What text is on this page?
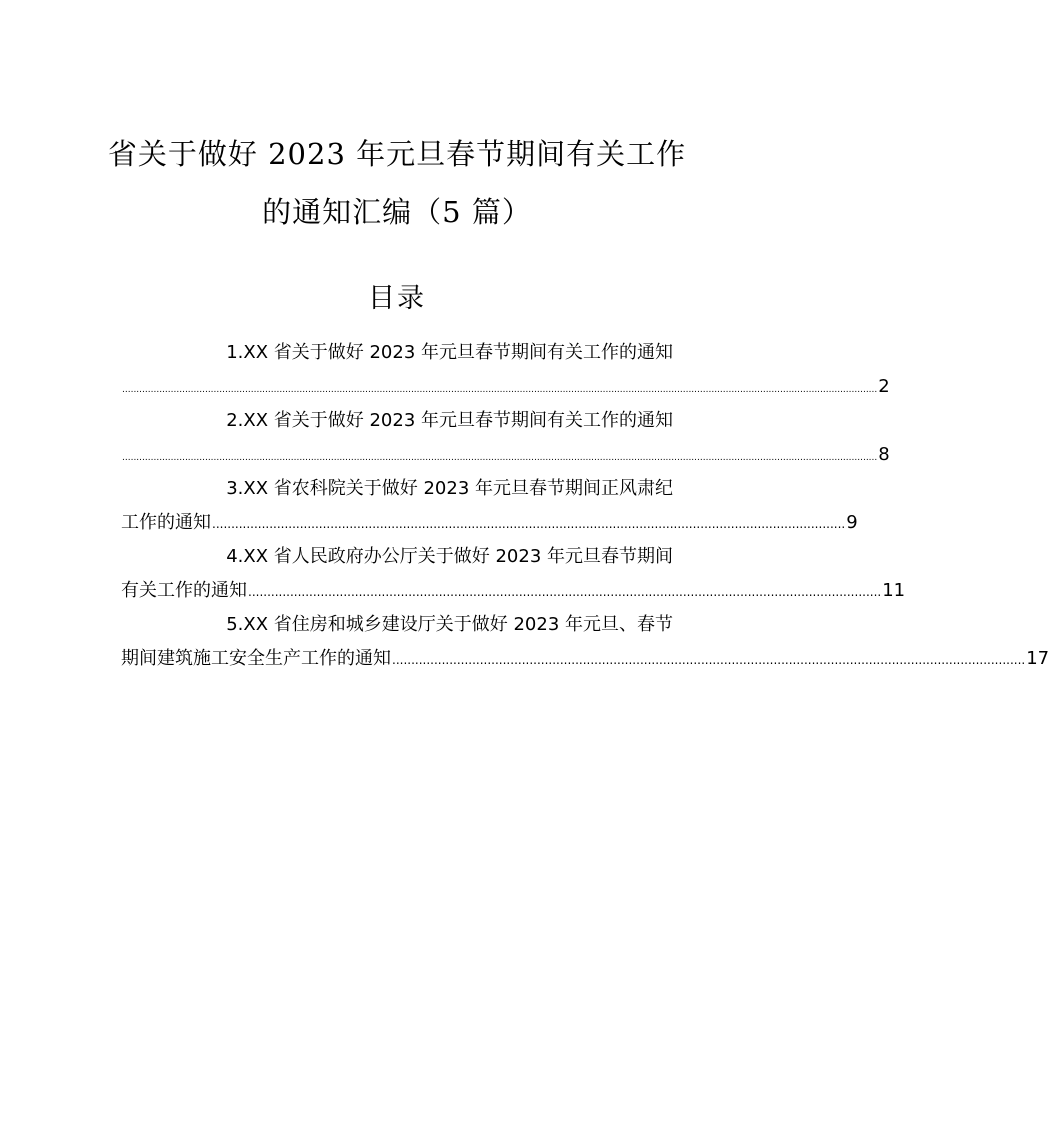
省关于做好 2023 年元旦春节期间有关工作
的通知汇编（5 篇）
目录
1.XX 省关于做好 2023 年元旦春节期间有关工作的通知
........................................................................................................................................................................................................................................................................ 2
2.XX 省关于做好 2023 年元旦春节期间有关工作的通知
........................................................................................................................................................................................................................................................................ 8
3.XX 省农科院关于做好 2023 年元旦春节期间正风肃纪
工作的通知 ...................................................................................................................................................................... 9
4.XX 省人民政府办公厅关于做好 2023 年元旦春节期间
有关工作的通知 ...................................................................................................................................................................... 11
5.XX 省住房和城乡建设厅关于做好 2023 年元旦、春节
期间建筑施工安全生产工作的通知 ...................................................................................................................................................................... 17
